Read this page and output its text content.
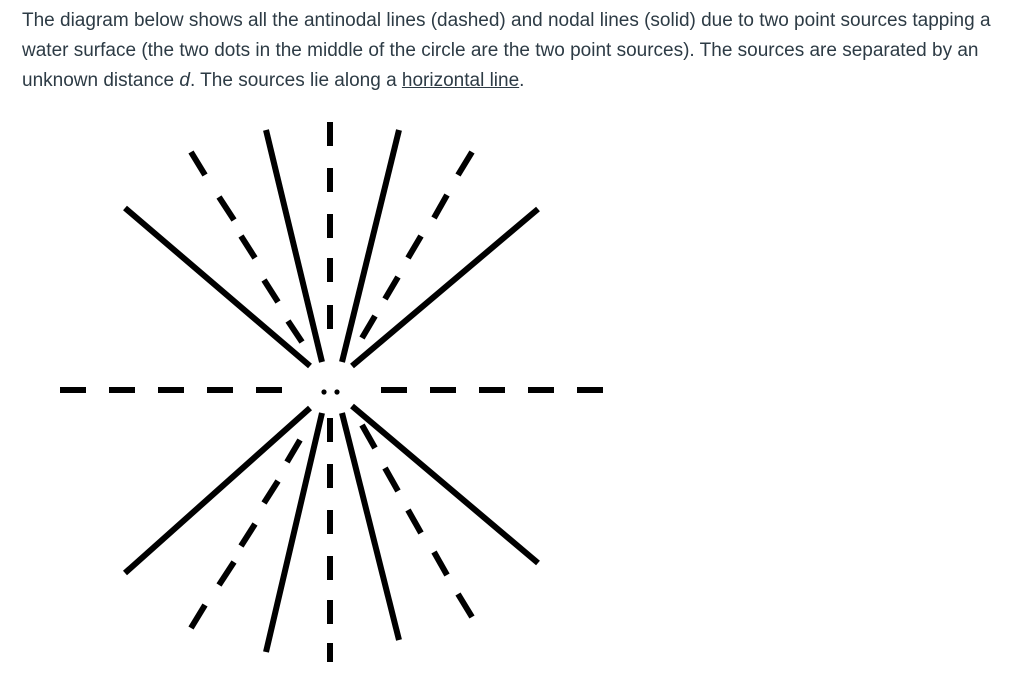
The diagram below shows all the antinodal lines (dashed) and nodal lines (solid) due to two point sources tapping a water surface (the two dots in the middle of the circle are the two point sources). The sources are separated by an unknown distance d. The sources lie along a horizontal line.
